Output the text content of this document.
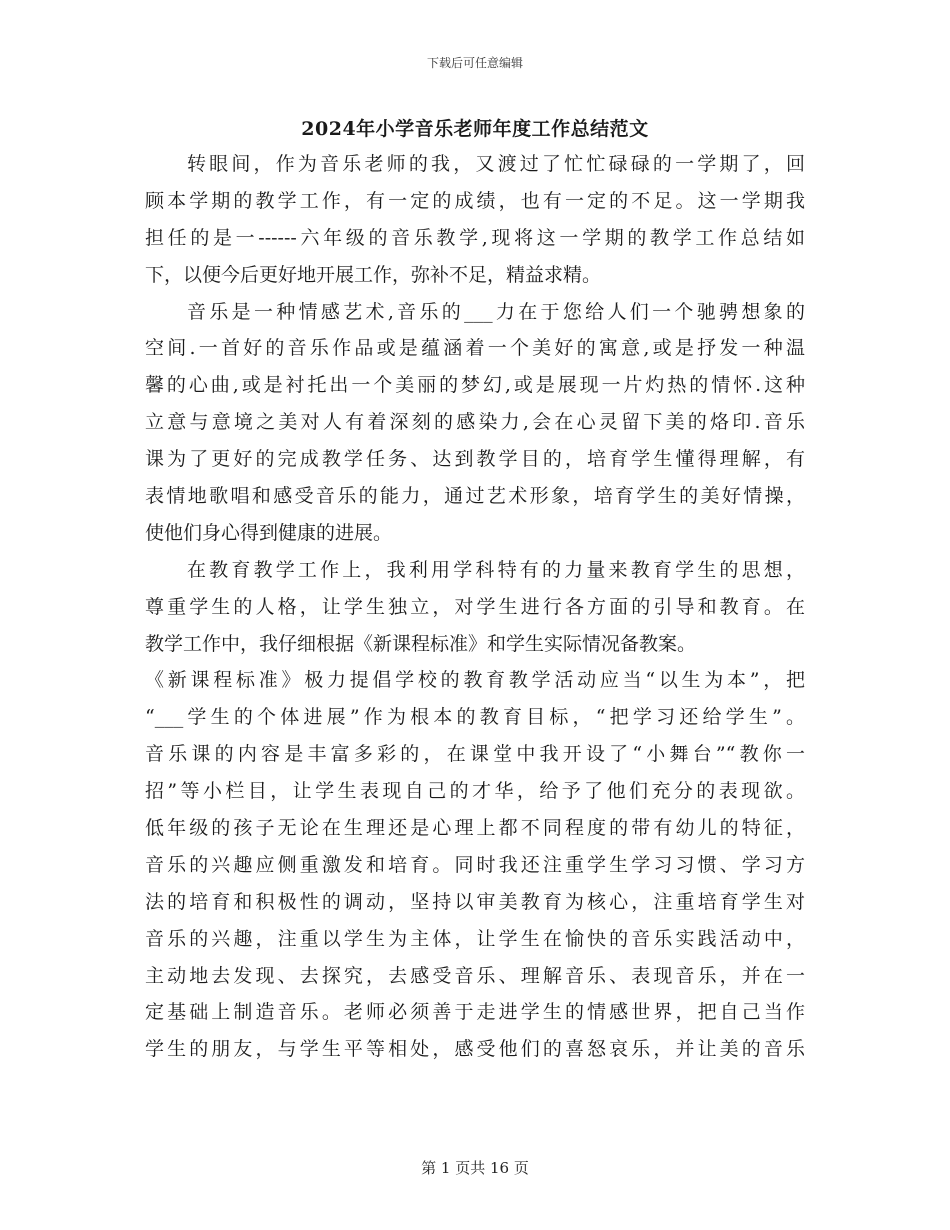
下载后可任意编辑
2024年小学音乐老师年度工作总结范文
转眼间，作为音乐老师的我，又渡过了忙忙碌碌的一学期了，回
顾本学期的教学工作，有一定的成绩，也有一定的不足。这一学期我
担任的是一------六年级的音乐教学,现将这一学期的教学工作总结如
下，以便今后更好地开展工作，弥补不足，精益求精。
音乐是一种情感艺术,音乐的___力在于您给人们一个驰骋想象的
空间.一首好的音乐作品或是蕴涵着一个美好的寓意,或是抒发一种温
馨的心曲,或是衬托出一个美丽的梦幻,或是展现一片灼热的情怀.这种
立意与意境之美对人有着深刻的感染力,会在心灵留下美的烙印.音乐
课为了更好的完成教学任务、达到教学目的，培育学生懂得理解，有
表情地歌唱和感受音乐的能力，通过艺术形象，培育学生的美好情操，
使他们身心得到健康的进展。
在教育教学工作上，我利用学科特有的力量来教育学生的思想，
尊重学生的人格，让学生独立，对学生进行各方面的引导和教育。在
教学工作中，我仔细根据《新课程标准》和学生实际情况备教案。
《新课程标准》极力提倡学校的教育教学活动应当“以生为本”，把
“___学生的个体进展”作为根本的教育目标，“把学习还给学生”。
音乐课的内容是丰富多彩的，在课堂中我开设了“小舞台”“教你一
招”等小栏目，让学生表现自己的才华，给予了他们充分的表现欲。
低年级的孩子无论在生理还是心理上都不同程度的带有幼儿的特征，
音乐的兴趣应侧重激发和培育。同时我还注重学生学习习惯、学习方
法的培育和积极性的调动，坚持以审美教育为核心，注重培育学生对
音乐的兴趣，注重以学生为主体，让学生在愉快的音乐实践活动中，
主动地去发现、去探究，去感受音乐、理解音乐、表现音乐，并在一
定基础上制造音乐。老师必须善于走进学生的情感世界，把自己当作
学生的朋友，与学生平等相处，感受他们的喜怒哀乐，并让美的音乐
第 1 页共 16 页
